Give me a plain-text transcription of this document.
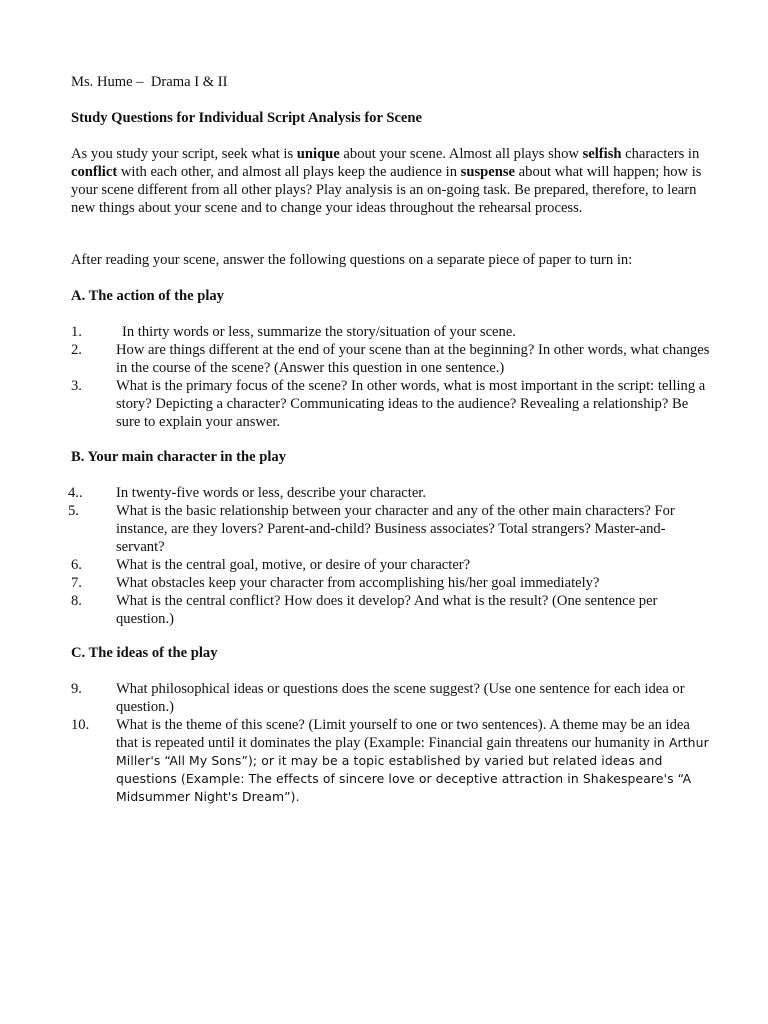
Ms. Hume – Drama I & II
Study Questions for Individual Script Analysis for Scene
As you study your script, seek what is unique about your scene. Almost all plays show selfish characters in conflict with each other, and almost all plays keep the audience in suspense about what will happen; how is your scene different from all other plays? Play analysis is an on-going task. Be prepared, therefore, to learn new things about your scene and to change your ideas throughout the rehearsal process.
After reading your scene, answer the following questions on a separate piece of paper to turn in:
A. The action of the play
1.	In thirty words or less, summarize the story/situation of your scene.
2. How are things different at the end of your scene than at the beginning? In other words, what changes in the course of the scene? (Answer this question in one sentence.)
3. What is the primary focus of the scene? In other words, what is most important in the script: telling a story? Depicting a character? Communicating ideas to the audience? Revealing a relationship? Be sure to explain your answer.
B. Your main character in the play
4.. In twenty-five words or less, describe your character.
5.	What is the basic relationship between your character and any of the other main characters? For instance, are they lovers? Parent-and-child? Business associates? Total strangers? Master-and-servant?
6. What is the central goal, motive, or desire of your character?
7. What obstacles keep your character from accomplishing his/her goal immediately?
8. What is the central conflict? How does it develop? And what is the result? (One sentence per question.)
C. The ideas of the play
9. What philosophical ideas or questions does the scene suggest? (Use one sentence for each idea or question.)
10. What is the theme of this scene? (Limit yourself to one or two sentences). A theme may be an idea that is repeated until it dominates the play (Example: Financial gain threatens our humanity in Arthur Miller's “All My Sons”); or it may be a topic established by varied but related ideas and questions (Example: The effects of sincere love or deceptive attraction in Shakespeare's “A Midsummer Night's Dream”).
